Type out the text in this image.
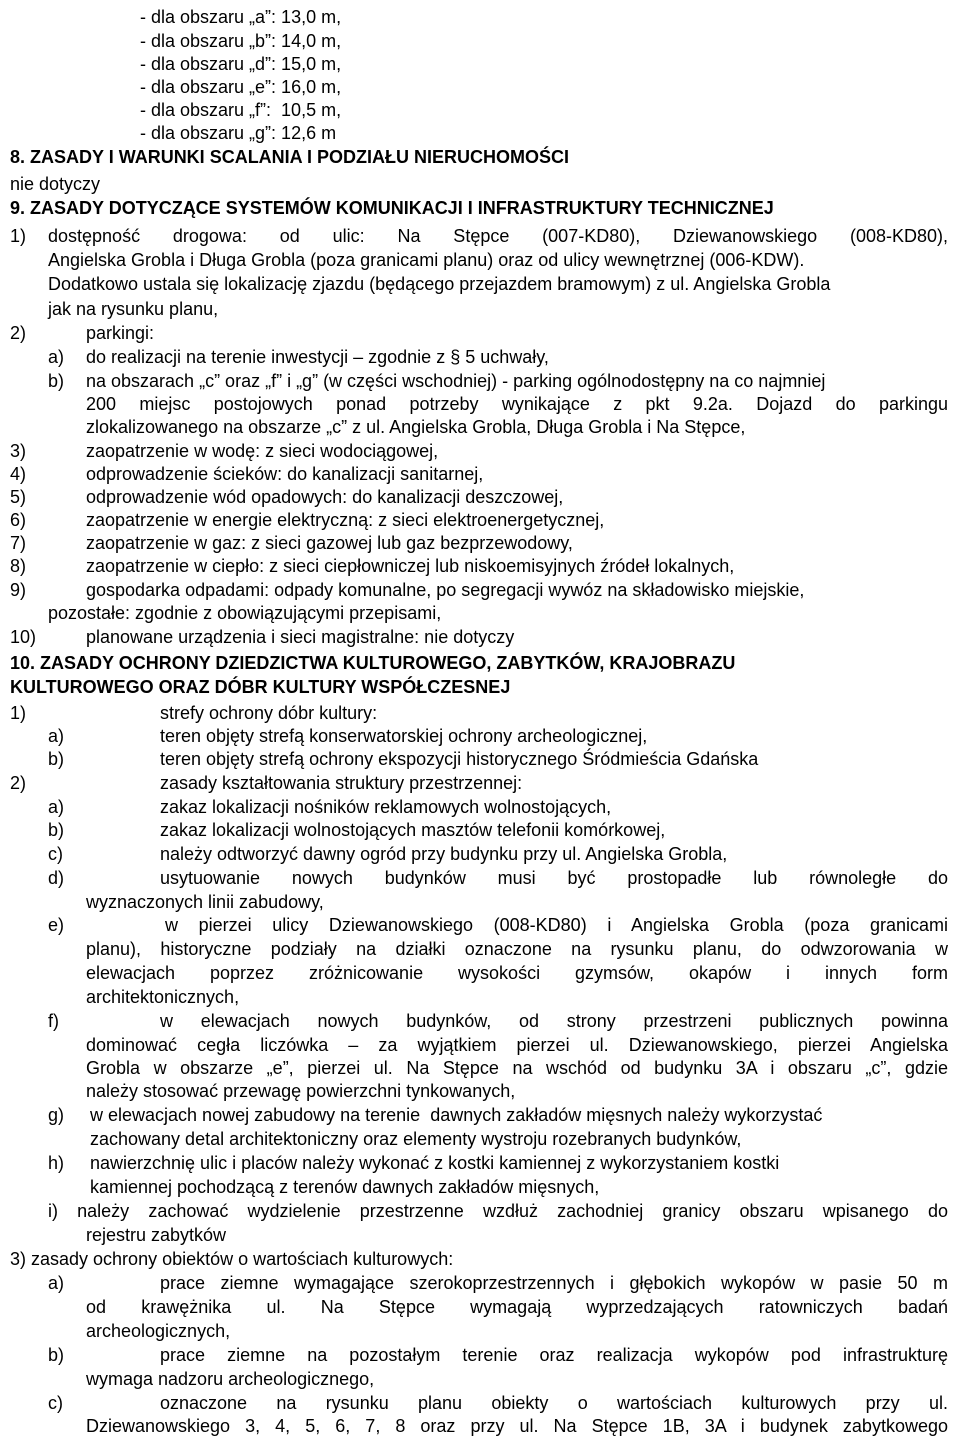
- dla obszaru „a”: 13,0 m,
- dla obszaru „b”: 14,0 m,
- dla obszaru „d”: 15,0 m,
- dla obszaru „e”: 16,0 m,
- dla obszaru „f”:  10,5 m,
- dla obszaru „g”: 12,6 m
8. ZASADY I WARUNKI SCALANIA I PODZIAŁU NIERUCHOMOŚCI
nie dotyczy
9. ZASADY DOTYCZĄCE SYSTEMÓW KOMUNIKACJI I INFRASTRUKTURY TECHNICZNEJ
1) dostępność drogowa: od ulic: Na Stępce (007-KD80), Dziewanowskiego (008-KD80),
Angielska Grobla i Długa Grobla (poza granicami planu) oraz od ulicy wewnętrznej (006-KDW).
Dodatkowo ustala się lokalizację zjazdu (będącego przejazdem bramowym) z ul. Angielska Grobla
jak na rysunku planu,
2)	parkingi:
a) do realizacji na terenie inwestycji – zgodnie z § 5 uchwały,
b) na obszarach „c” oraz „f” i „g” (w części wschodniej) - parking ogólnodostępny na co najmniej
200 miejsc postojowych ponad potrzeby wynikające z pkt 9.2a. Dojazd do parkingu
zlokalizowanego na obszarze „c” z ul. Angielska Grobla, Długa Grobla i Na Stępce,
3)	zaopatrzenie w wodę: z sieci wodociągowej,
4)	odprowadzenie ścieków: do kanalizacji sanitarnej,
5)	odprowadzenie wód opadowych: do kanalizacji deszczowej,
6)	zaopatrzenie w energie elektryczną: z sieci elektroenergetycznej,
7)	zaopatrzenie w gaz: z sieci gazowej lub gaz bezprzewodowy,
8)	zaopatrzenie w ciepło: z sieci ciepłowniczej lub niskoemisyjnych źródeł lokalnych,
9)	gospodarka odpadami: odpady komunalne, po segregacji wywóz na składowisko miejskie,
pozostałe: zgodnie z obowiązującymi przepisami,
10)	planowane urządzenia i sieci magistralne: nie dotyczy
10. ZASADY OCHRONY DZIEDZICTWA KULTUROWEGO, ZABYTKÓW, KRAJOBRAZU
KULTUROWEGO ORAZ DÓBR KULTURY WSPÓŁCZESNEJ
1)	strefy ochrony dóbr kultury:
a)	teren objęty strefą konserwatorskiej ochrony archeologicznej,
b)	teren objęty strefą ochrony ekspozycji historycznego Śródmieścia Gdańska
2)	zasady kształtowania struktury przestrzennej:
a)	zakaz lokalizacji nośników reklamowych wolnostojących,
b)	zakaz lokalizacji wolnostojących masztów telefonii komórkowej,
c)	należy odtworzyć dawny ogród przy budynku przy ul. Angielska Grobla,
d)	usytuowanie nowych budynków musi być prostopadłe lub równoległe do
wyznaczonych linii zabudowy,
e)	w pierzei ulicy Dziewanowskiego (008-KD80) i Angielska Grobla (poza granicami
planu), historyczne podziały na działki oznaczone na rysunku planu, do odwzorowania w
elewacjach poprzez zróżnicowanie wysokości gzymsów, okapów i innych form
architektonicznych,
f)	w elewacjach nowych budynków, od strony przestrzeni publicznych powinna
dominować cegła liczówka – za wyjątkiem pierzei ul. Dziewanowskiego, pierzei Angielska
Grobla w obszarze „e”, pierzei ul. Na Stępce na wschód od budynku 3A i obszaru „c”, gdzie
należy stosować przewagę powierzchni tynkowanych,
g) w elewacjach nowej zabudowy na terenie  dawnych zakładów mięsnych należy wykorzystać
zachowany detal architektoniczny oraz elementy wystroju rozebranych budynków,
h) nawierzchnię ulic i placów należy wykonać z kostki kamiennej z wykorzystaniem kostki
kamiennej pochodzącą z terenów dawnych zakładów mięsnych,
i) należy zachować wydzielenie przestrzenne wzdłuż zachodniej granicy obszaru wpisanego do
rejestru zabytków
3) zasady ochrony obiektów o wartościach kulturowych:
a)	prace ziemne wymagające szerokoprzestrzennych i głębokich wykopów w pasie 50 m
od krawężnika ul. Na Stępce wymagają wyprzedzających ratowniczych badań
archeologicznych,
b)	prace ziemne na pozostałym terenie oraz realizacja wykopów pod infrastrukturę
wymaga nadzoru archeologicznego,
c)	oznaczone na rysunku planu obiekty o wartościach kulturowych przy ul.
Dziewanowskiego 3, 4, 5, 6, 7, 8 oraz przy ul. Na Stępce 1B, 3A i budynek zabytkowego
